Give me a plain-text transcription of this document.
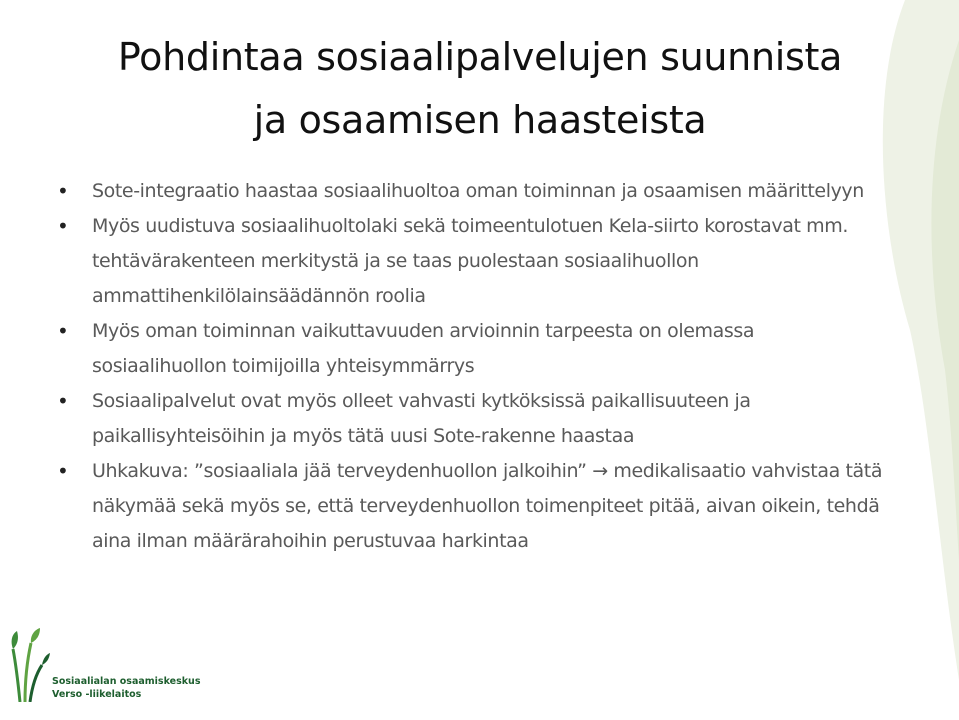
Pohdintaa sosiaalipalvelujen suunnista
ja osaamisen haasteista
• Sote-integraatio haastaa sosiaalihuoltoa oman toiminnan ja osaamisen määrittelyyn
• Myös uudistuva sosiaalihuoltolaki sekä toimeentulotuen Kela-siirto korostavat mm. tehtävärakenteen merkitystä ja se taas puolestaan sosiaalihuollon ammattihenkilölainsäädännön roolia
• Myös oman toiminnan vaikuttavuuden arvioinnin tarpeesta on olemassa sosiaalihuollon toimijoilla yhteisymmärrys
• Sosiaalipalvelut ovat myös olleet vahvasti kytköksissä paikallisuuteen ja paikallisyhteisöihin ja myös tätä uusi Sote-rakenne haastaa
• Uhkakuva: ”sosiaaliala jää terveydenhuollon jalkoihin” → medikalisaatio vahvistaa tätä näkymää sekä myös se, että terveydenhuollon toimenpiteet pitää, aivan oikein, tehdä aina ilman määrärahoihin perustuvaa harkintaa
Sosiaalialan osaamiskeskus
Verso -liikelaitos
